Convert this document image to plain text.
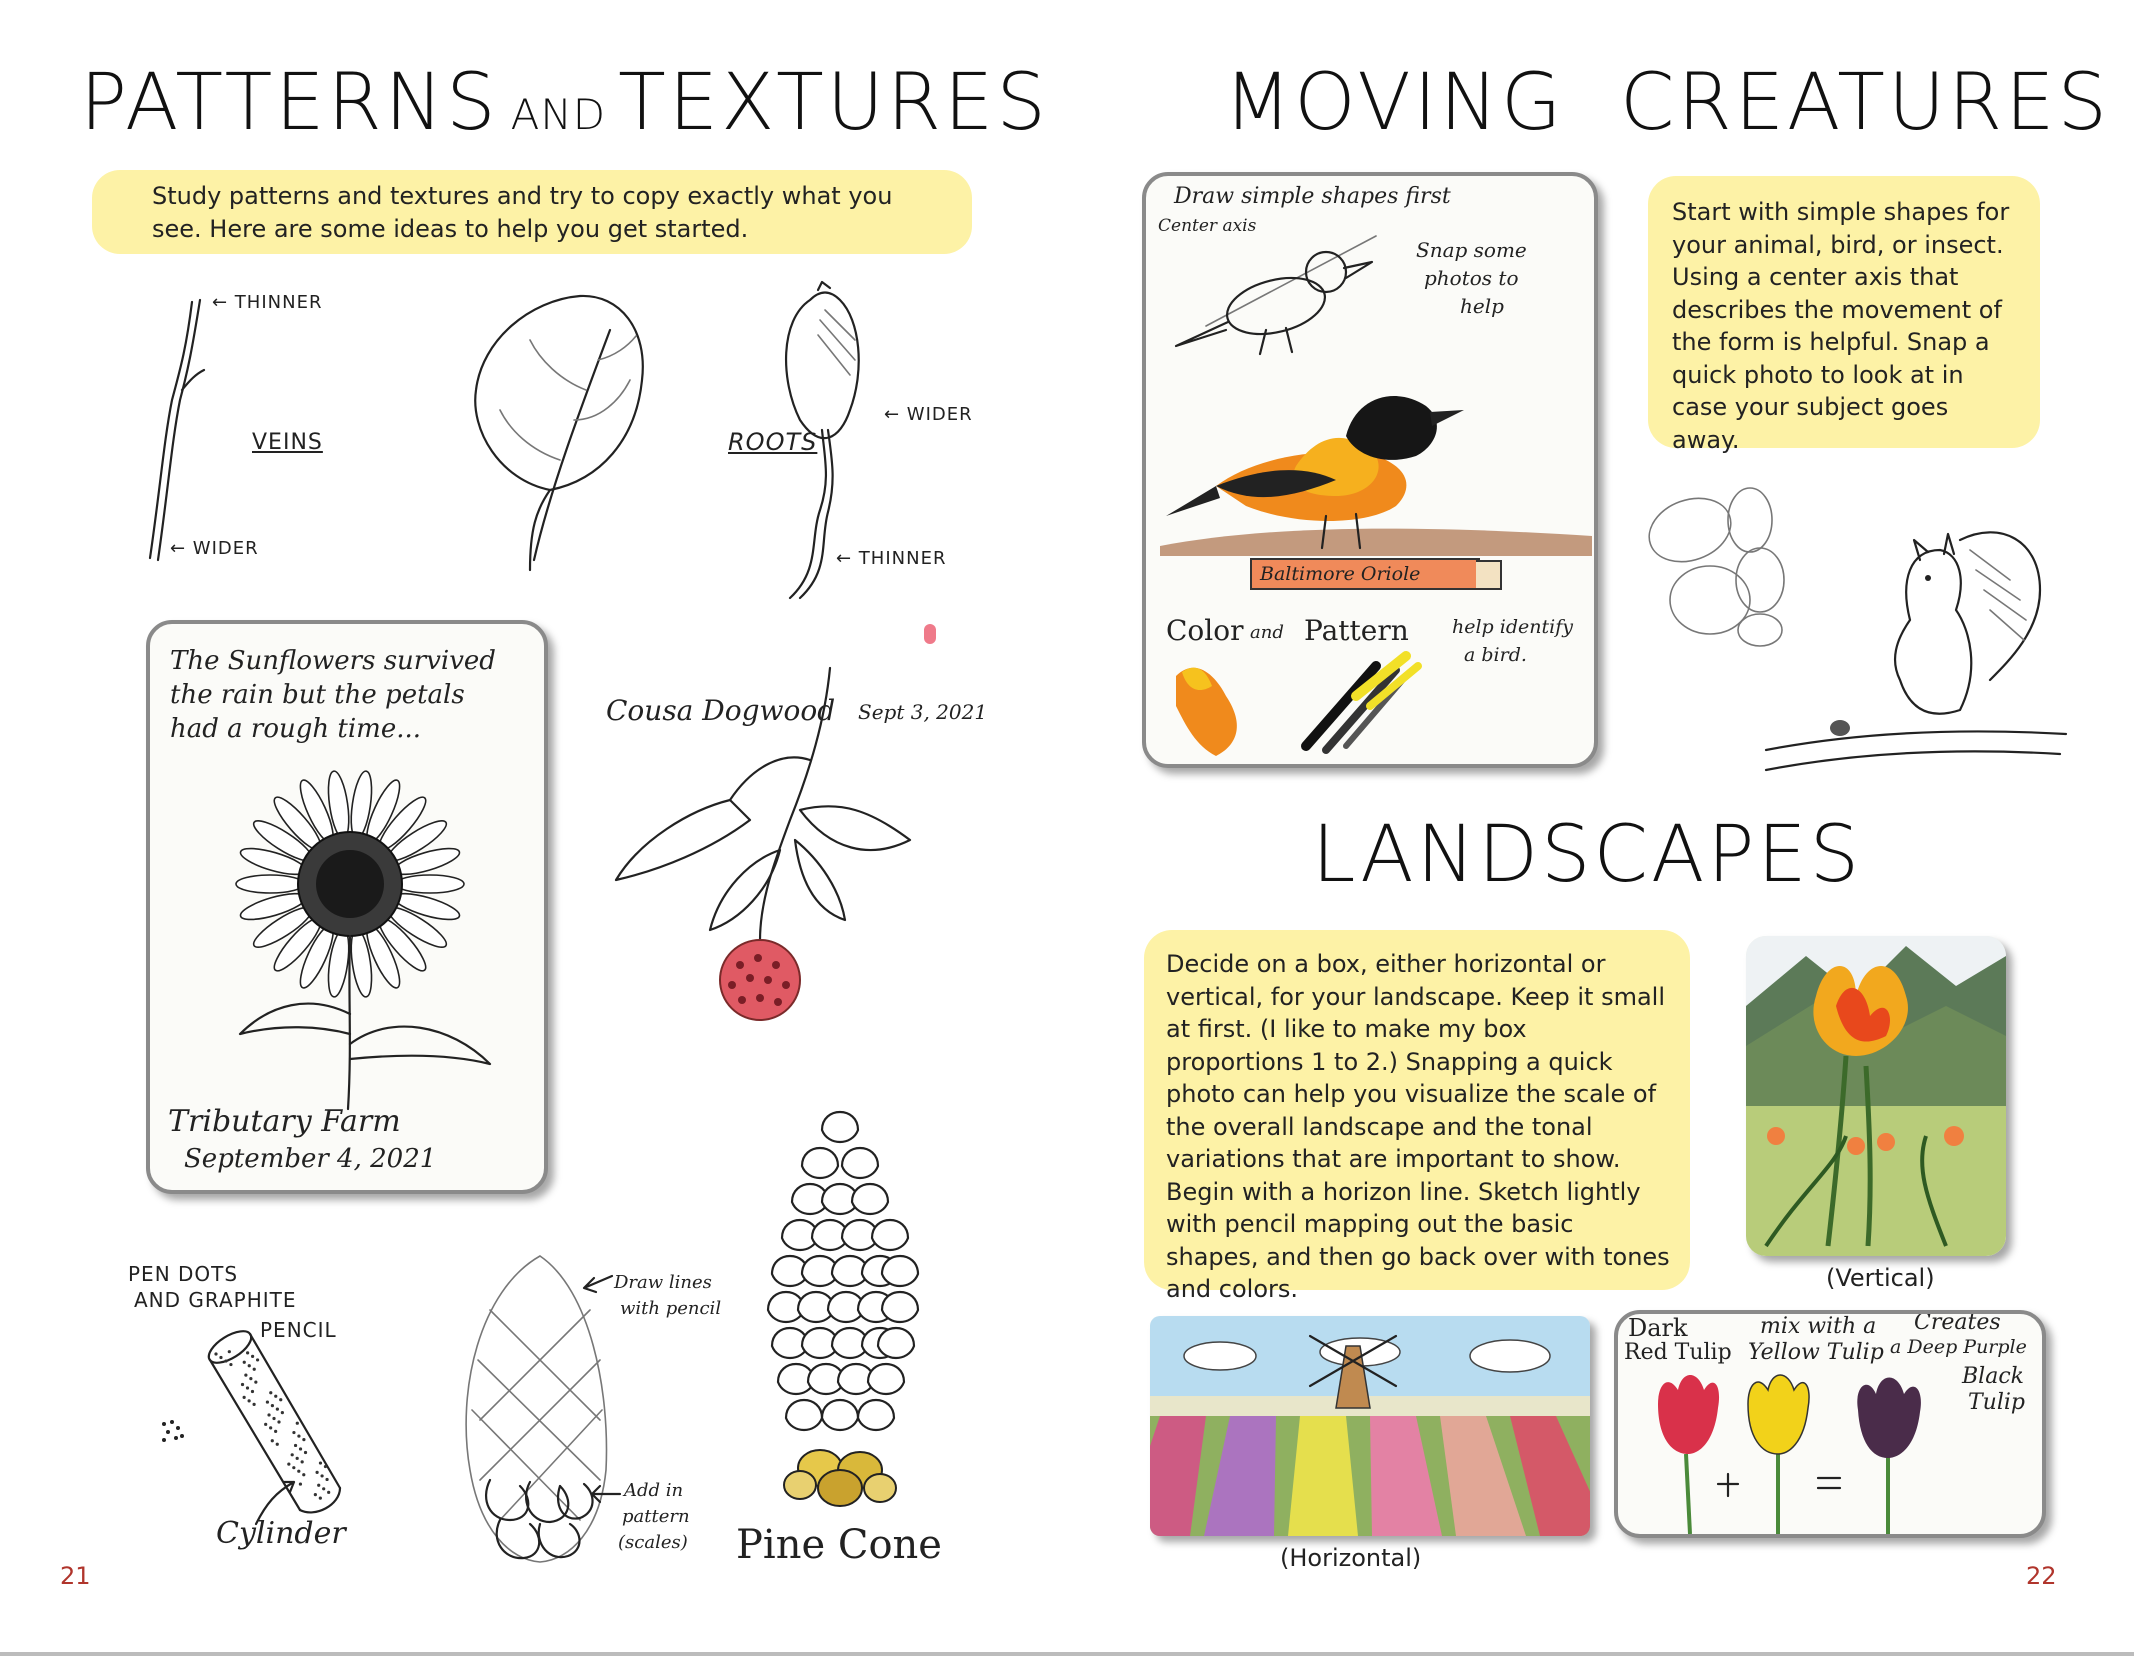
PATTERNS AND TEXTURES
Study patterns and textures and try to copy exactly what you see. Here are some ideas to help you get started.
← THINNER
VEINS
← WIDER
ROOTS
← WIDER
← THINNER
The Sunflowers survived
the rain but the petals
had a rough time...
Tributary Farm
September 4, 2021
Cousa Dogwood Sept 3, 2021
PEN DOTS
AND GRAPHITE
PENCIL
Cylinder
Draw lines
with pencil
Add in
pattern
(scales) Pine Cone
21
MOVING  CREATURES
Draw simple shapes first
Center axis
Snap some
photos to
help
Baltimore Oriole
Color and Pattern help identify
a bird.
Start with simple shapes for your animal, bird, or insect. Using a center axis that describes the movement of the form is helpful. Snap a quick photo to look at in case your subject goes away.
LANDSCAPES
Decide on a box, either horizontal or vertical, for your landscape. Keep it small at first. (I like to make my box proportions 1 to 2.) Snapping a quick photo can help you visualize the scale of the overall landscape and the tonal variations that are important to show. Begin with a horizon line. Sketch lightly with pencil mapping out the basic shapes, and then go back over with tones and colors.	(Vertical)
(Horizontal)
Dark
Red Tulip
mix with a
Yellow Tulip
Creates
a Deep Purple
Black
Tulip
22
